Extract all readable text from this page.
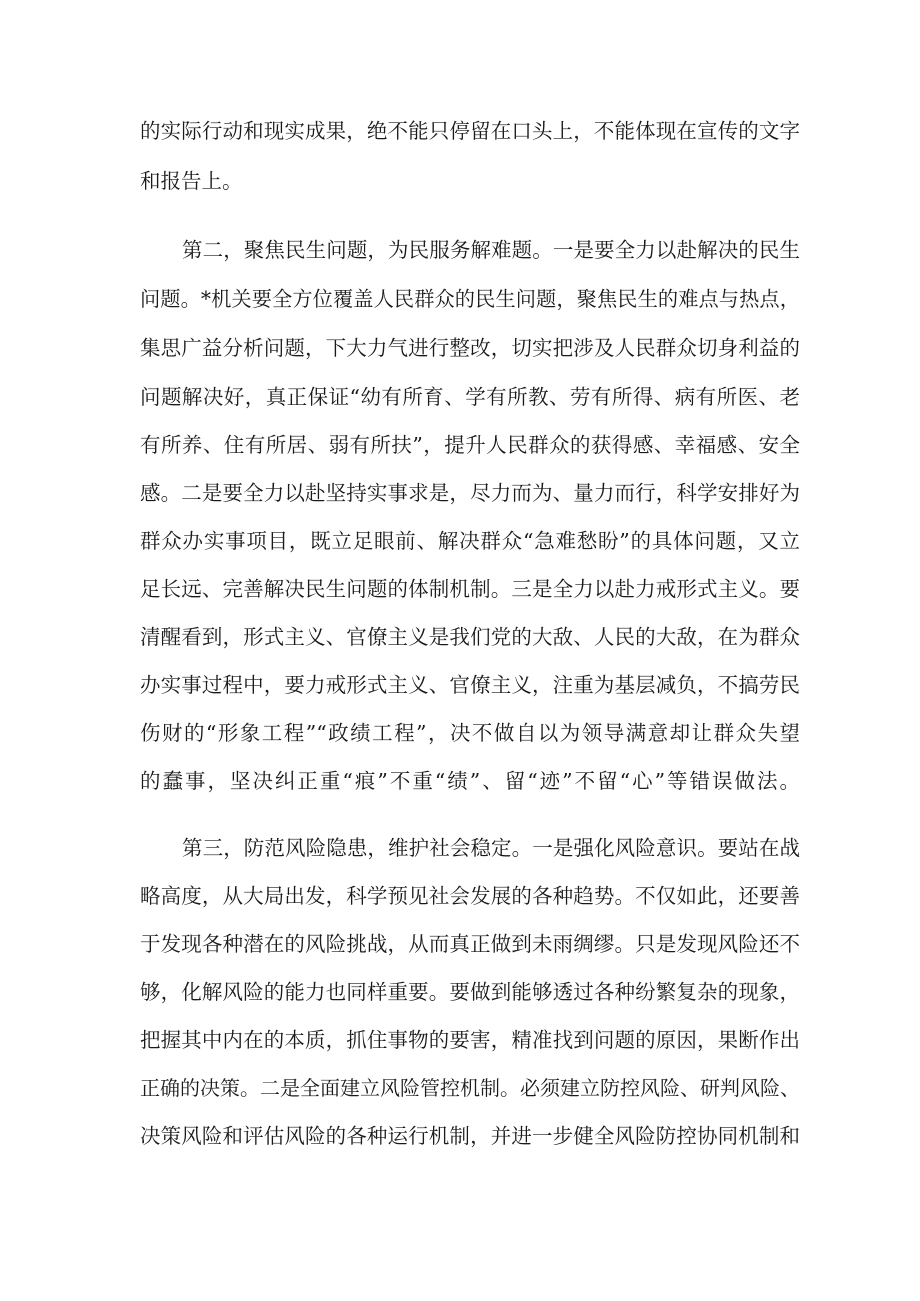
的实际行动和现实成果，绝不能只停留在口头上，不能体现在宣传的文字
和报告上。
第二，聚焦民生问题，为民服务解难题。一是要全力以赴解决的民生
问题。*机关要全方位覆盖人民群众的民生问题，聚焦民生的难点与热点，
集思广益分析问题，下大力气进行整改，切实把涉及人民群众切身利益的
问题解决好，真正保证“幼有所育、学有所教、劳有所得、病有所医、老
有所养、住有所居、弱有所扶”，提升人民群众的获得感、幸福感、安全
感。二是要全力以赴坚持实事求是，尽力而为、量力而行，科学安排好为
群众办实事项目，既立足眼前、解决群众“急难愁盼”的具体问题，又立
足长远、完善解决民生问题的体制机制。三是全力以赴力戒形式主义。要
清醒看到，形式主义、官僚主义是我们党的大敌、人民的大敌，在为群众
办实事过程中，要力戒形式主义、官僚主义，注重为基层减负，不搞劳民
伤财的“形象工程”“政绩工程”，决不做自以为领导满意却让群众失望
的蠢事，坚决纠正重“痕”不重“绩”、留“迹”不留“心”等错误做法。
第三，防范风险隐患，维护社会稳定。一是强化风险意识。要站在战
略高度，从大局出发，科学预见社会发展的各种趋势。不仅如此，还要善
于发现各种潜在的风险挑战，从而真正做到未雨绸缪。只是发现风险还不
够，化解风险的能力也同样重要。要做到能够透过各种纷繁复杂的现象，
把握其中内在的本质，抓住事物的要害，精准找到问题的原因，果断作出
正确的决策。二是全面建立风险管控机制。必须建立防控风险、研判风险、
决策风险和评估风险的各种运行机制，并进一步健全风险防控协同机制和
